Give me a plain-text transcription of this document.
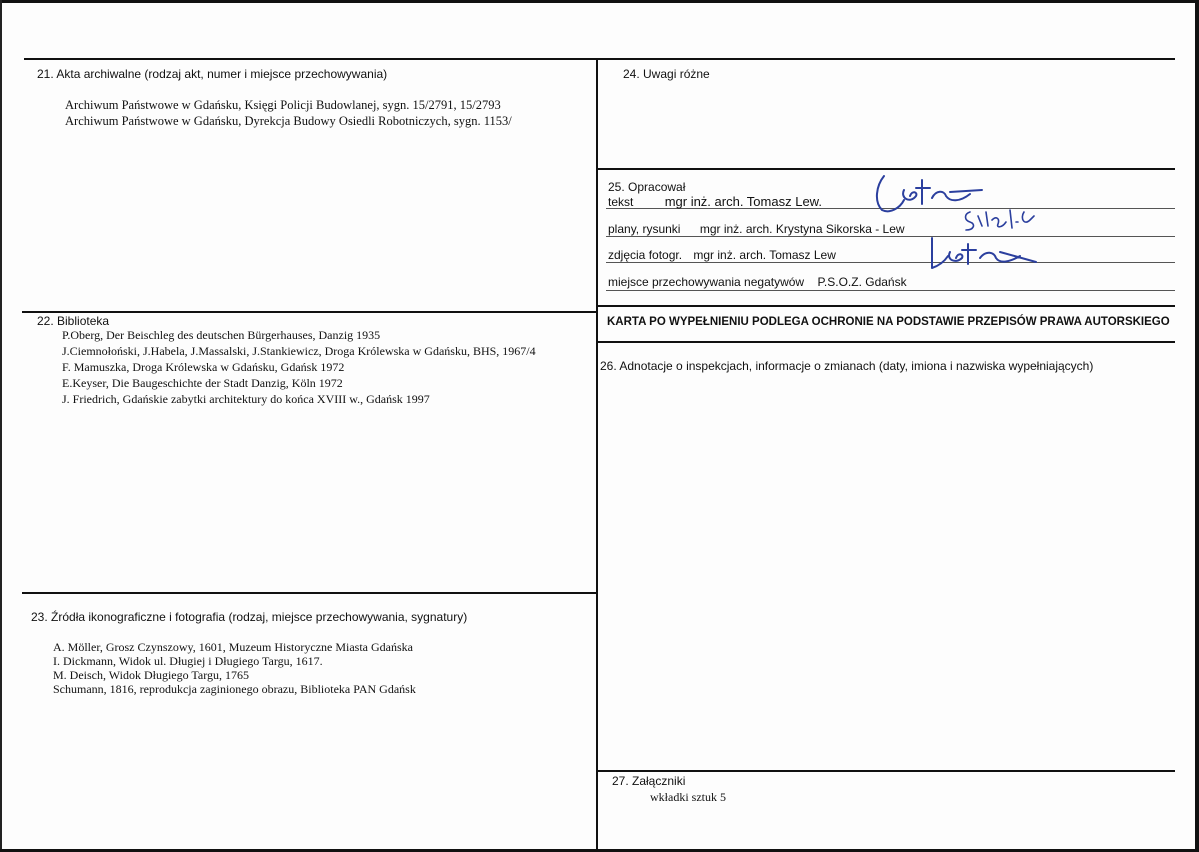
21. Akta archiwalne (rodzaj akt, numer i miejsce przechowywania)
Archiwum Państwowe w Gdańsku, Księgi Policji Budowlanej, sygn. 15/2791, 15/2793
Archiwum Państwowe w Gdańsku, Dyrekcja Budowy Osiedli Robotniczych, sygn. 1153/
22. Biblioteka
P.Oberg, Der Beischleg des deutschen Bürgerhauses, Danzig 1935
J.Ciemnołoński, J.Habela, J.Massalski, J.Stankiewicz, Droga Królewska w Gdańsku, BHS, 1967/4
F. Mamuszka, Droga Królewska w Gdańsku, Gdańsk 1972
E.Keyser, Die Baugeschichte der Stadt Danzig, Köln 1972
J. Friedrich, Gdańskie zabytki architektury do końca XVIII w., Gdańsk 1997
23. Źródła ikonograficzne i fotografia (rodzaj, miejsce przechowywania, sygnatury)
A. Möller, Grosz Czynszowy, 1601, Muzeum Historyczne Miasta Gdańska
I. Dickmann, Widok ul. Długiej i Długiego Targu, 1617.
M. Deisch, Widok Długiego Targu, 1765
Schumann, 1816, reprodukcja zaginionego obrazu, Biblioteka PAN Gdańsk
24. Uwagi różne
25. Opracował
tekst mgr inż. arch. Tomasz Lew.
plany, rysunki mgr inż. arch. Krystyna Sikorska - Lew
zdjęcia fotogr. mgr inż. arch. Tomasz Lew
miejsce przechowywania negatywów P.S.O.Z. Gdańsk
KARTA PO WYPEŁNIENIU PODLEGA OCHRONIE NA PODSTAWIE PRZEPISÓW PRAWA AUTORSKIEGO
26. Adnotacje o inspekcjach, informacje o zmianach (daty, imiona i nazwiska wypełniających)
27. Załączniki
wkładki sztuk 5
